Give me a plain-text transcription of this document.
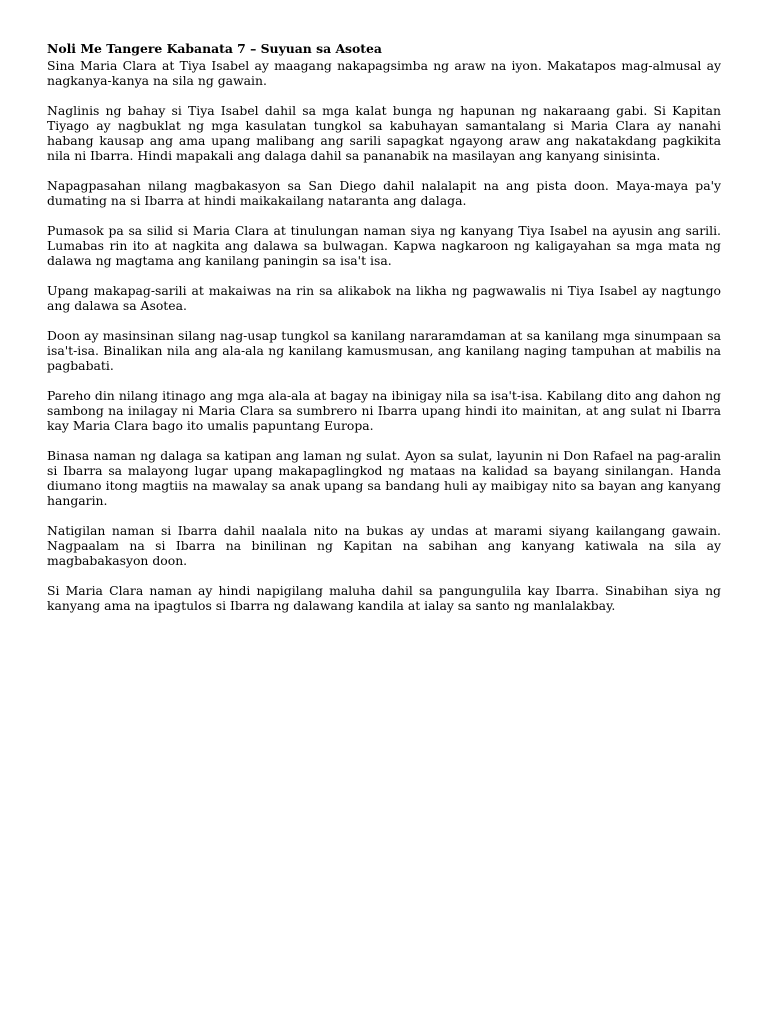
Noli Me Tangere Kabanata 7 – Suyuan sa Asotea

Sina Maria Clara at Tiya Isabel ay maagang nakapagsimba ng araw na iyon. Makatapos mag-almusal ay nagkanya-kanya na sila ng gawain.

Naglinis ng bahay si Tiya Isabel dahil sa mga kalat bunga ng hapunan ng nakaraang gabi. Si Kapitan Tiyago ay nagbuklat ng mga kasulatan tungkol sa kabuhayan samantalang si Maria Clara ay nanahi habang kausap ang ama upang malibang ang sarili sapagkat ngayong araw ang nakatakdang pagkikita nila ni Ibarra. Hindi mapakali ang dalaga dahil sa pananabik na masilayan ang kanyang sinisinta.

Napagpasahan nilang magbakasyon sa San Diego dahil nalalapit na ang pista doon. Maya-maya pa'y dumating na si Ibarra at hindi maikakailang nataranta ang dalaga.

Pumasok pa sa silid si Maria Clara at tinulungan naman siya ng kanyang Tiya Isabel na ayusin ang sarili. Lumabas rin ito at nagkita ang dalawa sa bulwagan. Kapwa nagkaroon ng kaligayahan sa mga mata ng dalawa ng magtama ang kanilang paningin sa isa't isa.

Upang makapag-sarili at makaiwas na rin sa alikabok na likha ng pagwawalis ni Tiya Isabel ay nagtungo ang dalawa sa Asotea.

Doon ay masinsinan silang nag-usap tungkol sa kanilang nararamdaman at sa kanilang mga sinumpaan sa isa't-isa. Binalikan nila ang ala-ala ng kanilang kamusmusan, ang kanilang naging tampuhan at mabilis na pagbabati.

Pareho din nilang itinago ang mga ala-ala at bagay na ibinigay nila sa isa't-isa. Kabilang dito ang dahon ng sambong na inilagay ni Maria Clara sa sumbrero ni Ibarra upang hindi ito mainitan, at ang sulat ni Ibarra kay Maria Clara bago ito umalis papuntang Europa.

Binasa naman ng dalaga sa katipan ang laman ng sulat. Ayon sa sulat, layunin ni Don Rafael na pag-aralin si Ibarra sa malayong lugar upang makapaglingkod ng mataas na kalidad sa bayang sinilangan. Handa diumano itong magtiis na mawalay sa anak upang sa bandang huli ay maibigay nito sa bayan ang kanyang hangarin.

Natigilan naman si Ibarra dahil naalala nito na bukas ay undas at marami siyang kailangang gawain. Nagpaalam na si Ibarra na binilinan ng Kapitan na sabihan ang kanyang katiwala na sila ay magbabakasyon doon.

Si Maria Clara naman ay hindi napigilang maluha dahil sa pangungulila kay Ibarra. Sinabihan siya ng kanyang ama na ipagtulos si Ibarra ng dalawang kandila at ialay sa santo ng manlalakbay.
